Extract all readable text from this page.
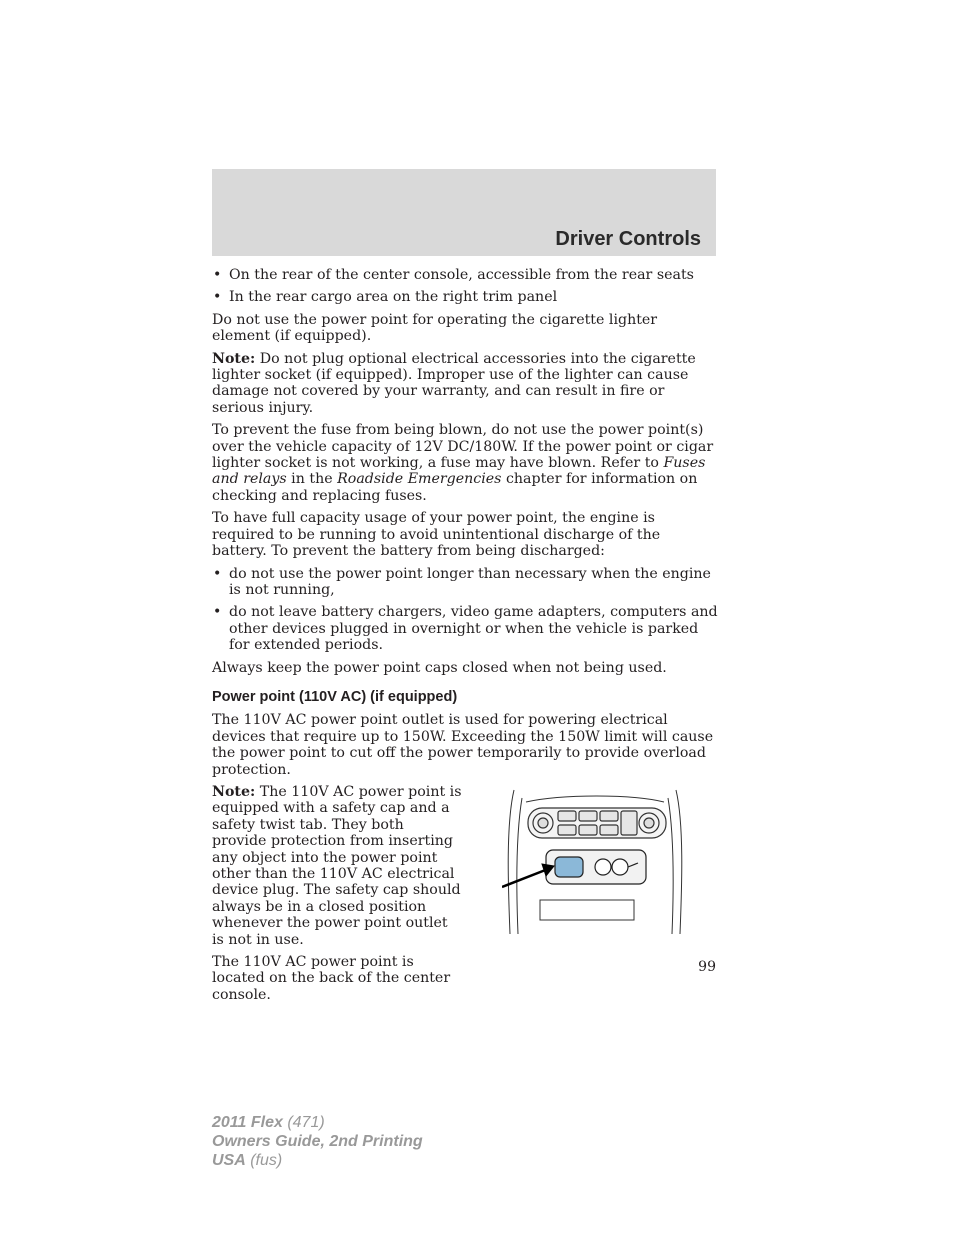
Driver Controls
• On the rear of the center console, accessible from the rear seats
• In the rear cargo area on the right trim panel

Do not use the power point for operating the cigarette lighter element (if equipped).

Note: Do not plug optional electrical accessories into the cigarette lighter socket (if equipped). Improper use of the lighter can cause damage not covered by your warranty, and can result in fire or serious injury.

To prevent the fuse from being blown, do not use the power point(s) over the vehicle capacity of 12V DC/180W. If the power point or cigar lighter socket is not working, a fuse may have blown. Refer to Fuses and relays in the Roadside Emergencies chapter for information on checking and replacing fuses.

To have full capacity usage of your power point, the engine is required to be running to avoid unintentional discharge of the battery. To prevent the battery from being discharged:

• do not use the power point longer than necessary when the engine is not running,
• do not leave battery chargers, video game adapters, computers and other devices plugged in overnight or when the vehicle is parked for extended periods.

Always keep the power point caps closed when not being used.

Power point (110V AC) (if equipped)

The 110V AC power point outlet is used for powering electrical devices that require up to 150W. Exceeding the 150W limit will cause the power point to cut off the power temporarily to provide overload protection.

Note: The 110V AC power point is equipped with a safety cap and a safety twist tab. They both provide protection from inserting any object into the power point other than the 110V AC electrical device plug. The safety cap should always be in a closed position whenever the power point outlet is not in use.

The 110V AC power point is located on the back of the center console.

99
2011 Flex (471)
Owners Guide, 2nd Printing
USA (fus)
